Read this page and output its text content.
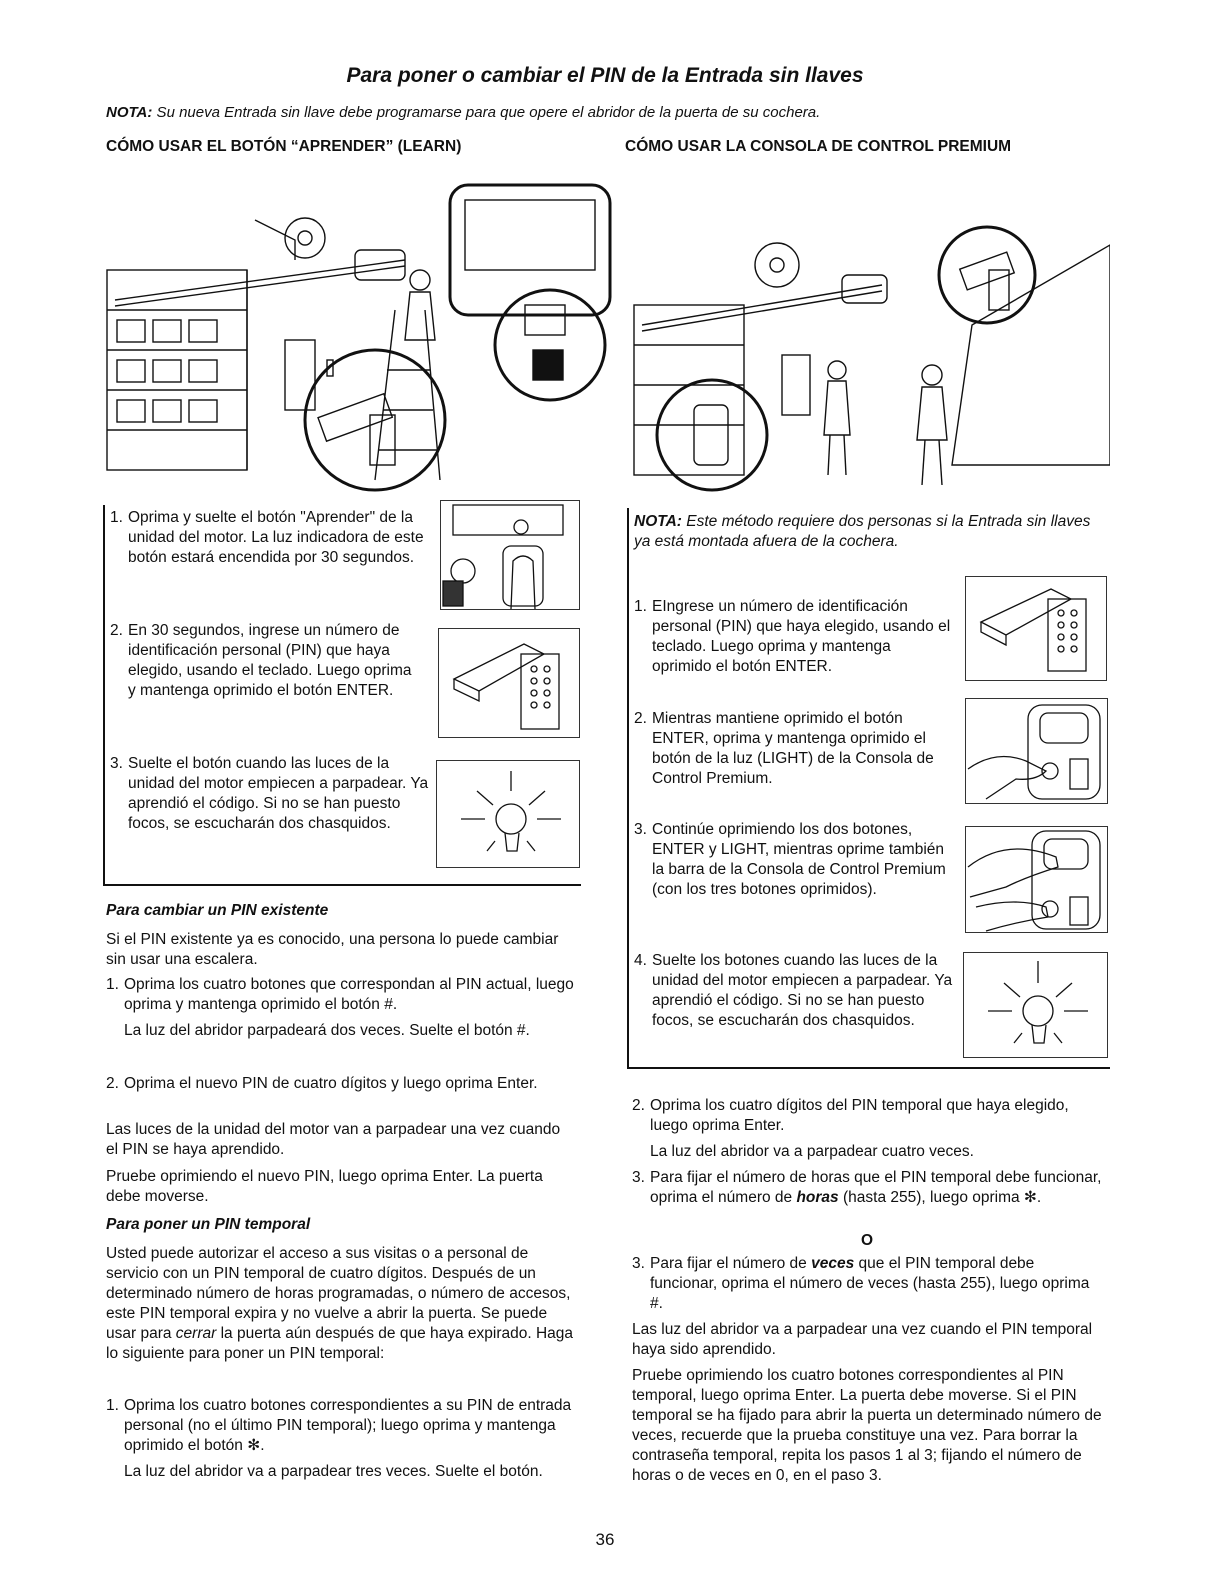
Para poner o cambiar el PIN de la Entrada sin llaves
NOTA: Su nueva Entrada sin llave debe programarse para que opere el abridor de la puerta de su cochera.
CÓMO USAR EL BOTÓN “APRENDER” (LEARN)	CÓMO USAR LA CONSOLA DE CONTROL PREMIUM
1. Oprima y suelte el botón "Aprender" de la unidad del motor. La luz indicadora de este botón estará encendida por 30 segundos.
2. En 30 segundos, ingrese un número de identificación personal (PIN) que haya elegido, usando el teclado. Luego oprima y mantenga oprimido el botón ENTER.
3. Suelte el botón cuando las luces de la unidad del motor empiecen a parpadear. Ya aprendió el código. Si no se han puesto focos, se escucharán dos chasquidos.
NOTA: Este método requiere dos personas si la Entrada sin llaves ya está montada afuera de la cochera.
1. EIngrese un número de identificación personal (PIN) que haya elegido, usando el teclado. Luego oprima y mantenga oprimido el botón ENTER.
2. Mientras mantiene oprimido el botón ENTER, oprima y mantenga oprimido el botón de la luz (LIGHT) de la Consola de Control Premium.
3. Continúe oprimiendo los dos botones, ENTER y LIGHT, mientras oprime también la barra de la Consola de Control Premium (con los tres botones oprimidos).
4. Suelte los botones cuando las luces de la unidad del motor empiecen a parpadear. Ya aprendió el código. Si no se han puesto focos, se escucharán dos chasquidos.
Para cambiar un PIN existente
Si el PIN existente ya es conocido, una persona lo puede cambiar sin usar una escalera.
1. Oprima los cuatro botones que correspondan al PIN actual, luego oprima y mantenga oprimido el botón #.
La luz del abridor parpadeará dos veces. Suelte el botón #.
2. Oprima el nuevo PIN de cuatro dígitos y luego oprima Enter.
Las luces de la unidad del motor van a parpadear una vez cuando el PIN se haya aprendido.
Pruebe oprimiendo el nuevo PIN, luego oprima Enter. La puerta debe moverse.
Para poner un PIN temporal
Usted puede autorizar el acceso a sus visitas o a personal de servicio con un PIN temporal de cuatro dígitos. Después de un determinado número de horas programadas, o número de accesos, este PIN temporal expira y no vuelve a abrir la puerta. Se puede usar para cerrar la puerta aún después de que haya expirado. Haga lo siguiente para poner un PIN temporal:
1. Oprima los cuatro botones correspondientes a su PIN de entrada personal (no el último PIN temporal); luego oprima y mantenga oprimido el botón ✻.
La luz del abridor va a parpadear tres veces. Suelte el botón.
2. Oprima los cuatro dígitos del PIN temporal que haya elegido, luego oprima Enter.
La luz del abridor va a parpadear cuatro veces.
3. Para fijar el número de horas que el PIN temporal debe funcionar, oprima el número de horas (hasta 255), luego oprima ✻.
O
3. Para fijar el número de veces que el PIN temporal debe funcionar, oprima el número de veces (hasta 255), luego oprima #.
Las luz del abridor va a parpadear una vez cuando el PIN temporal haya sido aprendido.
Pruebe oprimiendo los cuatro botones correspondientes al PIN temporal, luego oprima Enter. La puerta debe moverse. Si el PIN temporal se ha fijado para abrir la puerta un determinado número de veces, recuerde que la prueba constituye una vez. Para borrar la contraseña temporal, repita los pasos 1 al 3; fijando el número de horas o de veces en 0, en el paso 3.
36
